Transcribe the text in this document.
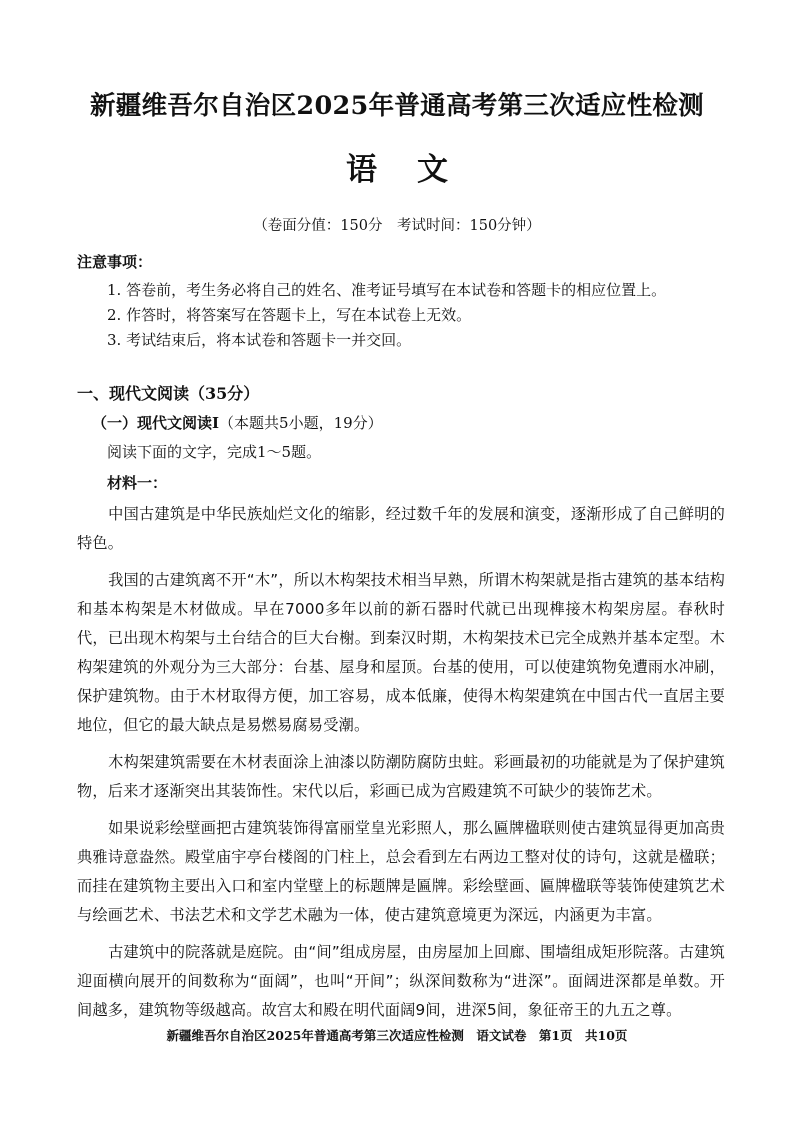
新疆维吾尔自治区2025年普通高考第三次适应性检测
语文
（卷面分值：150分　考试时间：150分钟）
注意事项：
1. 答卷前，考生务必将自己的姓名、准考证号填写在本试卷和答题卡的相应位置上。
2. 作答时，将答案写在答题卡上，写在本试卷上无效。
3. 考试结束后，将本试卷和答题卡一并交回。
一、现代文阅读（35分）
（一）现代文阅读Ⅰ（本题共5小题，19分）
阅读下面的文字，完成1～5题。
材料一：

中国古建筑是中华民族灿烂文化的缩影，经过数千年的发展和演变，逐渐形成了自己鲜明的特色。

我国的古建筑离不开“木”，所以木构架技术相当早熟，所谓木构架就是指古建筑的基本结构和基本构架是木材做成。早在7000多年以前的新石器时代就已出现榫接木构架房屋。春秋时代，已出现木构架与土台结合的巨大台榭。到秦汉时期，木构架技术已完全成熟并基本定型。木构架建筑的外观分为三大部分：台基、屋身和屋顶。台基的使用，可以使建筑物免遭雨水冲刷，保护建筑物。由于木材取得方便，加工容易，成本低廉，使得木构架建筑在中国古代一直居主要地位，但它的最大缺点是易燃易腐易受潮。

木构架建筑需要在木材表面涂上油漆以防潮防腐防虫蛀。彩画最初的功能就是为了保护建筑物，后来才逐渐突出其装饰性。宋代以后，彩画已成为宫殿建筑不可缺少的装饰艺术。

如果说彩绘壁画把古建筑装饰得富丽堂皇光彩照人，那么匾牌楹联则使古建筑显得更加高贵典雅诗意盎然。殿堂庙宇亭台楼阁的门柱上，总会看到左右两边工整对仗的诗句，这就是楹联；而挂在建筑物主要出入口和室内堂壁上的标题牌是匾牌。彩绘壁画、匾牌楹联等装饰使建筑艺术与绘画艺术、书法艺术和文学艺术融为一体，使古建筑意境更为深远，内涵更为丰富。

古建筑中的院落就是庭院。由“间”组成房屋，由房屋加上回廊、围墙组成矩形院落。古建筑迎面横向展开的间数称为“面阔”，也叫“开间”；纵深间数称为“进深”。面阔进深都是单数。开间越多，建筑物等级越高。故宫太和殿在明代面阔9间，进深5间，象征帝王的九五之尊。

新疆维吾尔自治区2025年普通高考第三次适应性检测　语文试卷　第1页　共10页
